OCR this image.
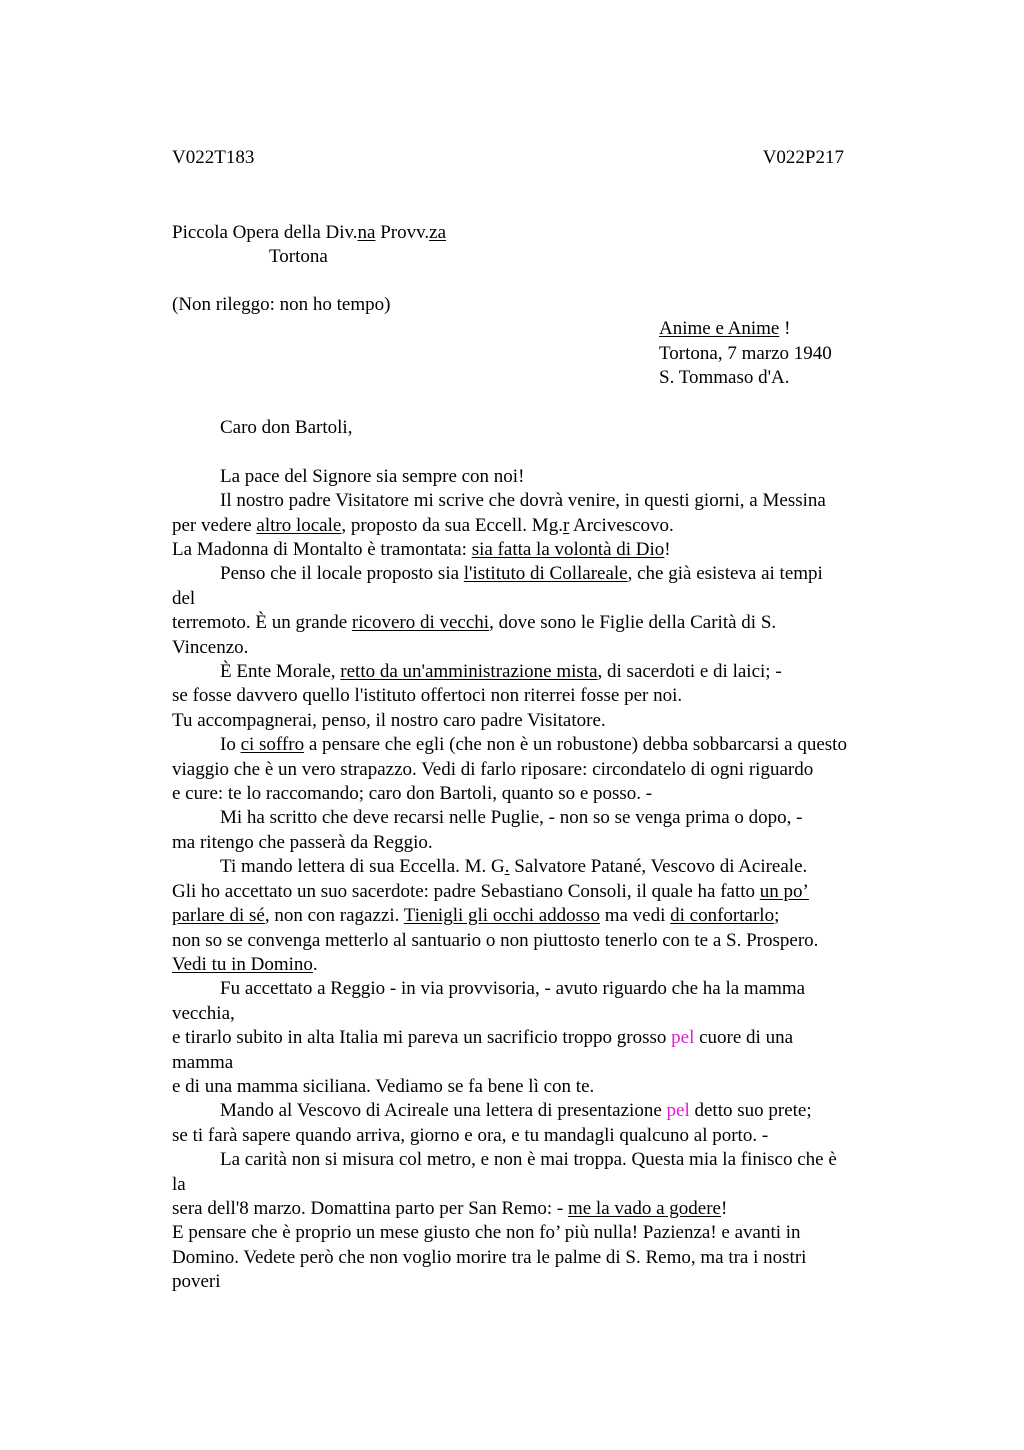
V022T183	V022P217
Piccola Opera della Div.na Provv.za
Tortona
(Non rileggo: non ho tempo)
Anime e Anime !
Tortona, 7 marzo 1940
S. Tommaso d'A.
Caro don Bartoli,
La pace del Signore sia sempre con noi!
Il nostro padre Visitatore mi scrive che dovrà venire, in questi giorni, a Messina
per vedere altro locale, proposto da sua Eccell. Mg.r Arcivescovo.
La Madonna di Montalto è tramontata: sia fatta la volontà di Dio!
Penso che il locale proposto sia l'istituto di Collareale, che già esisteva ai tempi
del
terremoto. È un grande ricovero di vecchi, dove sono le Figlie della Carità di S.
Vincenzo.
È Ente Morale, retto da un'amministrazione mista, di sacerdoti e di laici; -
se fosse davvero quello l'istituto offertoci non riterrei fosse per noi.
Tu accompagnerai, penso, il nostro caro padre Visitatore.
Io ci soffro a pensare che egli (che non è un robustone) debba sobbarcarsi a questo
viaggio che è un vero strapazzo. Vedi di farlo riposare: circondatelo di ogni riguardo
e cure: te lo raccomando; caro don Bartoli, quanto so e posso. -
Mi ha scritto che deve recarsi nelle Puglie, - non so se venga prima o dopo, -
ma ritengo che passerà da Reggio.
Ti mando lettera di sua Eccella. M. G. Salvatore Patané, Vescovo di Acireale.
Gli ho accettato un suo sacerdote: padre Sebastiano Consoli, il quale ha fatto un po’
parlare di sé, non con ragazzi. Tienigli gli occhi addosso ma vedi di confortarlo;
non so se convenga metterlo al santuario o non piuttosto tenerlo con te a S. Prospero.
Vedi tu in Domino.
Fu accettato a Reggio - in via provvisoria, - avuto riguardo che ha la mamma
vecchia,
e tirarlo subito in alta Italia mi pareva un sacrificio troppo grosso pel cuore di una
mamma
e di una mamma siciliana. Vediamo se fa bene lì con te.
Mando al Vescovo di Acireale una lettera di presentazione pel detto suo prete;
se ti farà sapere quando arriva, giorno e ora, e tu mandagli qualcuno al porto. -
La carità non si misura col metro, e non è mai troppa. Questa mia la finisco che è
la
sera dell'8 marzo. Domattina parto per San Remo: - me la vado a godere!
E pensare che è proprio un mese giusto che non fo’ più nulla! Pazienza! e avanti in
Domino. Vedete però che non voglio morire tra le palme di S. Remo, ma tra i nostri
poveri
